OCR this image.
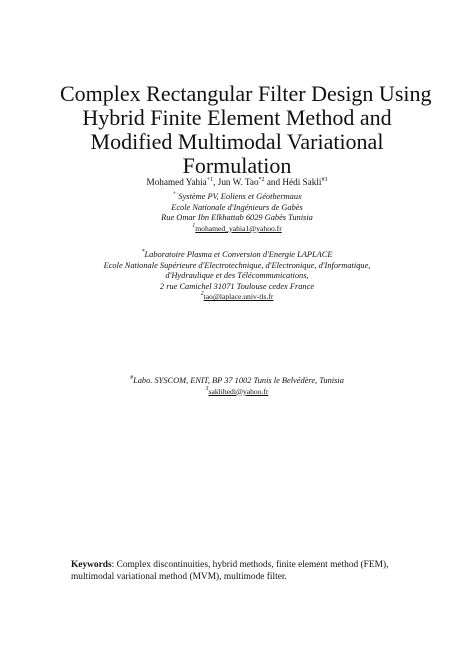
Complex Rectangular Filter Design Using
Hybrid Finite Element Method and
Modified Multimodal Variational
Formulation
Mohamed Yahia$^{+1}$, Jun W. Tao$^{*2}$ and Hédi Sakli$^{\#3}$
+ Système PV, Eoliens et Géothermaux
Ecole Nationale d'Ingénieurs de Gabès
Rue Omar Ibn Elkhattab 6029 Gabès Tunisia
$^1$mohamed_yahia1@yahoo.fr
*Laboratoire Plasma et Conversion d'Energie LAPLACE
Ecole Nationale Supérieure d'Electrotechnique, d'Electronique, d'Informatique,
d'Hydraulique et des Télécommunications,
2 rue Camichel 31071 Toulouse cedex France
$^2$tao@laplace.univ-tls.fr
#Labo. SYSCOM, ENIT, BP 37 1002 Tunis le Belvédère, Tunisia
$^3$saklihedi@yahoo.fr
Keywords: Complex discontinuities, hybrid methods, finite element method (FEM), multimodal variational method (MVM), multimode filter.
